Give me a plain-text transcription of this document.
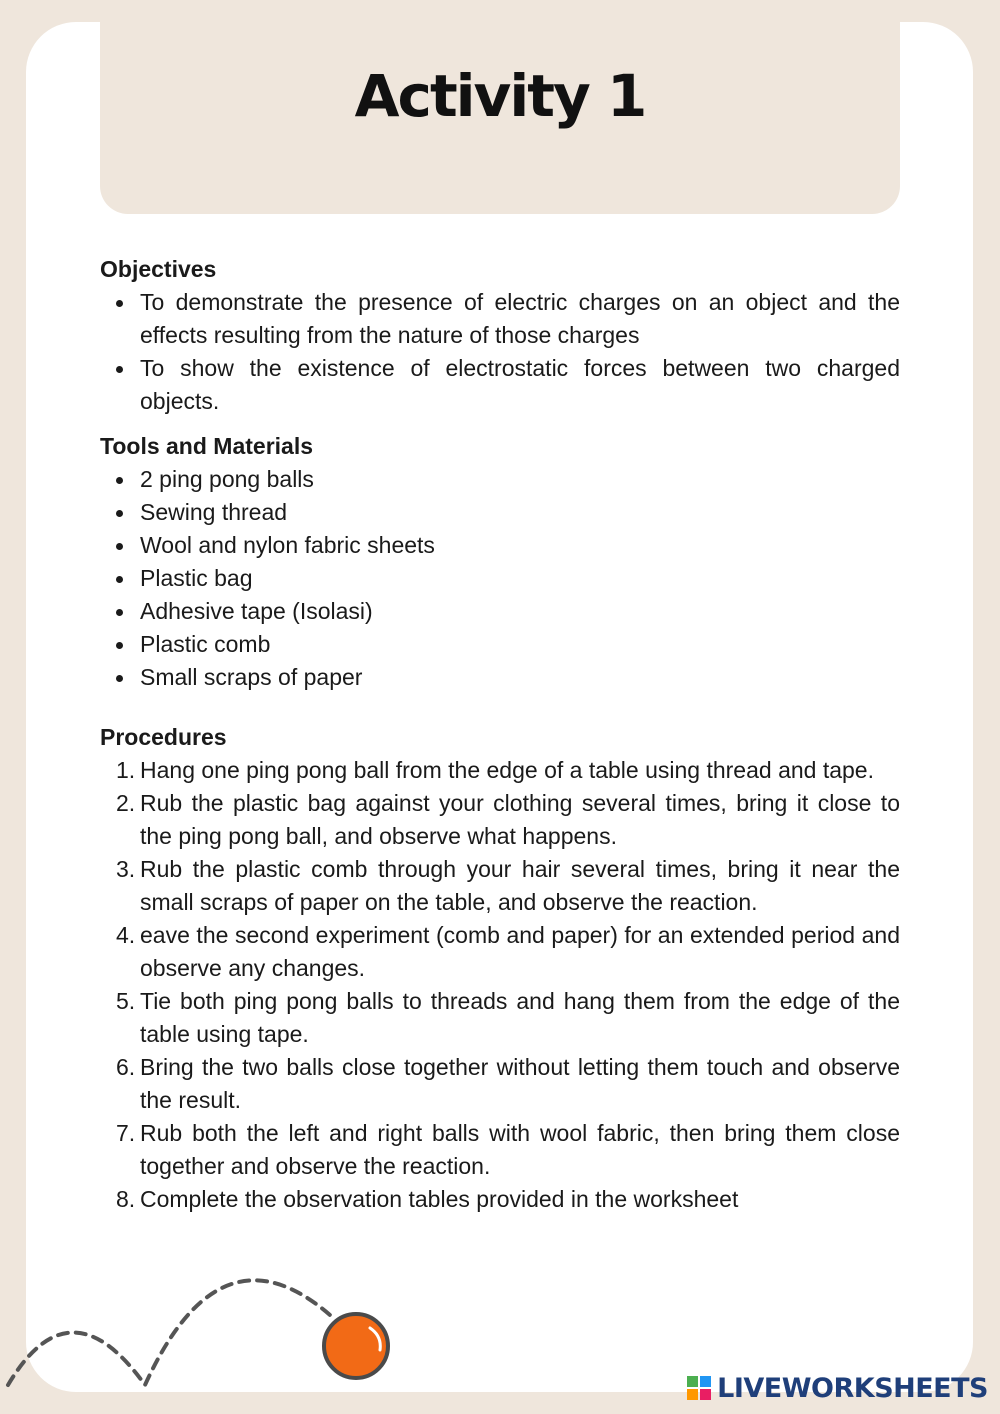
Activity 1
Objectives
To demonstrate the presence of electric charges on an object and the effects resulting from the nature of those charges
To show the existence of electrostatic forces between two charged objects.
Tools and Materials
2 ping pong balls
Sewing thread
Wool and nylon fabric sheets
Plastic bag
Adhesive tape (Isolasi)
Plastic comb
Small scraps of paper
Procedures
1. Hang one ping pong ball from the edge of a table using thread and tape.
2. Rub the plastic bag against your clothing several times, bring it close to the ping pong ball, and observe what happens.
3. Rub the plastic comb through your hair several times, bring it near the small scraps of paper on the table, and observe the reaction.
4. eave the second experiment (comb and paper) for an extended period and observe any changes.
5. Tie both ping pong balls to threads and hang them from the edge of the table using tape.
6. Bring the two balls close together without letting them touch and observe the result.
7. Rub both the left and right balls with wool fabric, then bring them close together and observe the reaction.
8. Complete the observation tables provided in the worksheet
LIVEWORKSHEETS
